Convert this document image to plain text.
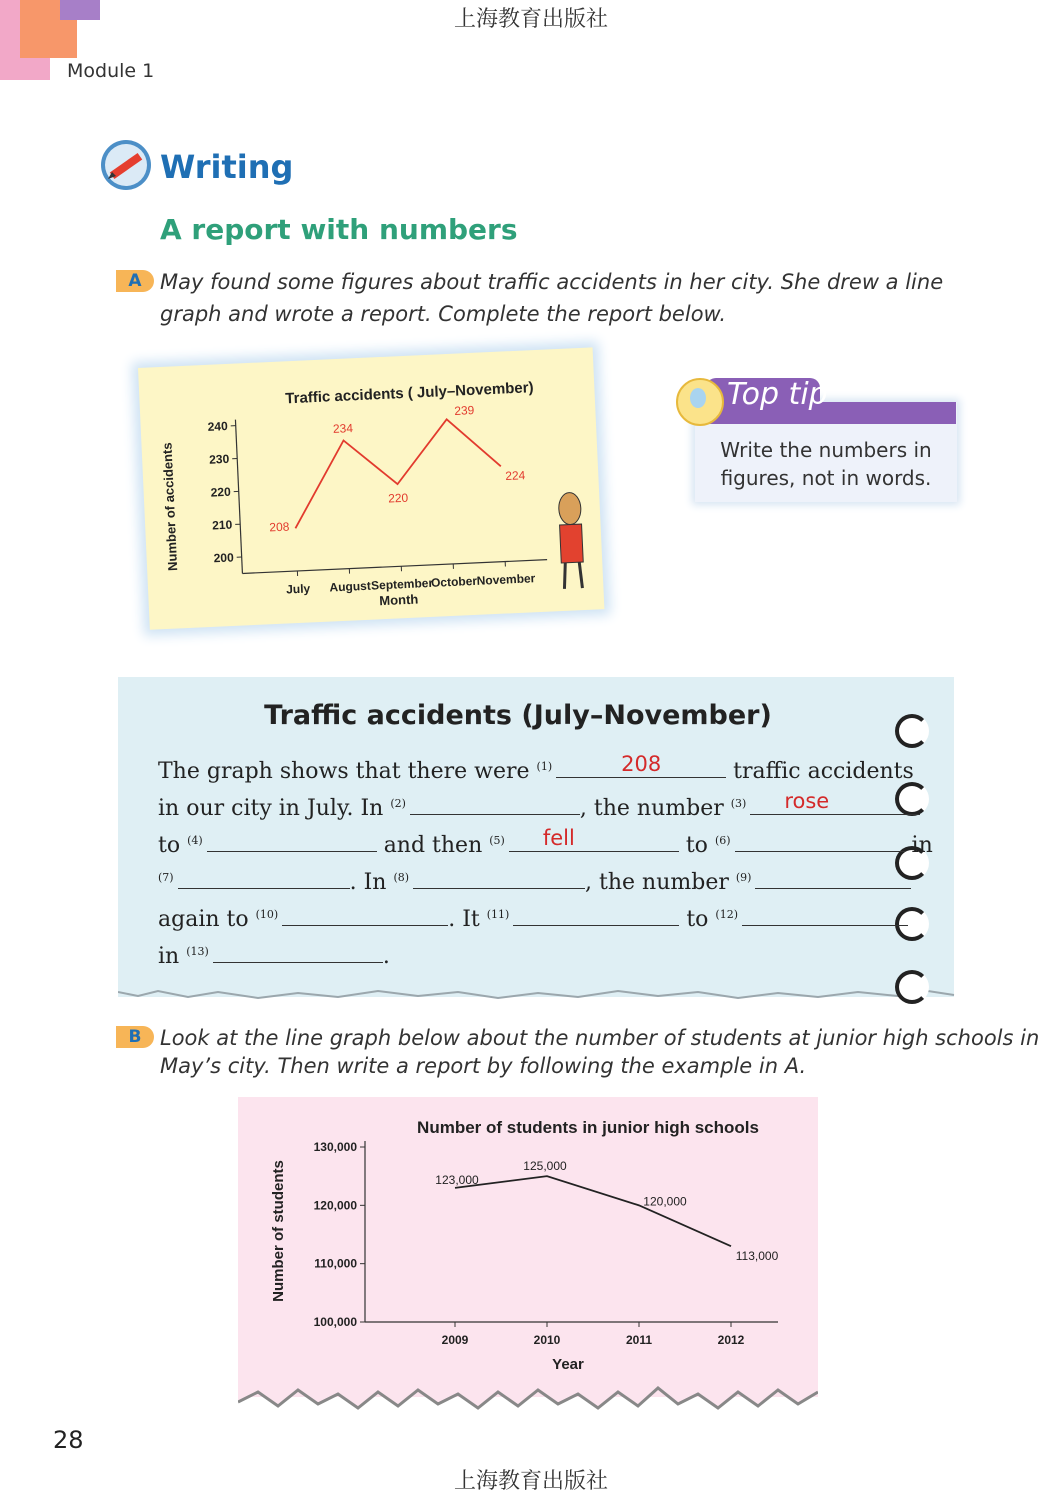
上海教育出版社
Module 1
Writing
A report with numbers
A May found some figures about traffic accidents in her city. She drew a line
graph and wrote a report. Complete the report below.
Traffic accidents ( July–November)
200
210
220
230
240
July August September
October November
208
234
220
239
224
Month
Number of accidents
Top tip
Write the numbers in figures, not in words.
Traffic accidents (July–November)
The graph shows that there were $^{(1)}$	208	traffic accidents
in our city in July. In $^{(2)}$	, the number $^{(3)}$ rose
to $^{(4)}$	and then $^{(5)}$ fell	to $^{(6)}$	in
$^{(7)}$	. In $^{(8)}$	, the number $^{(9)}$
again to $^{(10)}$	. It $^{(11)}$	to $^{(12)}$
in $^{(13)}$	.
B Look at the line graph below about the number of students at junior high schools in
May’s city. Then write a report by following the example in A.
Number of students in junior high schools
100,000
110,000
120,000
130,000
2009	2010	2011	2012
123,000
125,000
120,000
113,000
Year
Number of students
28
上海教育出版社
